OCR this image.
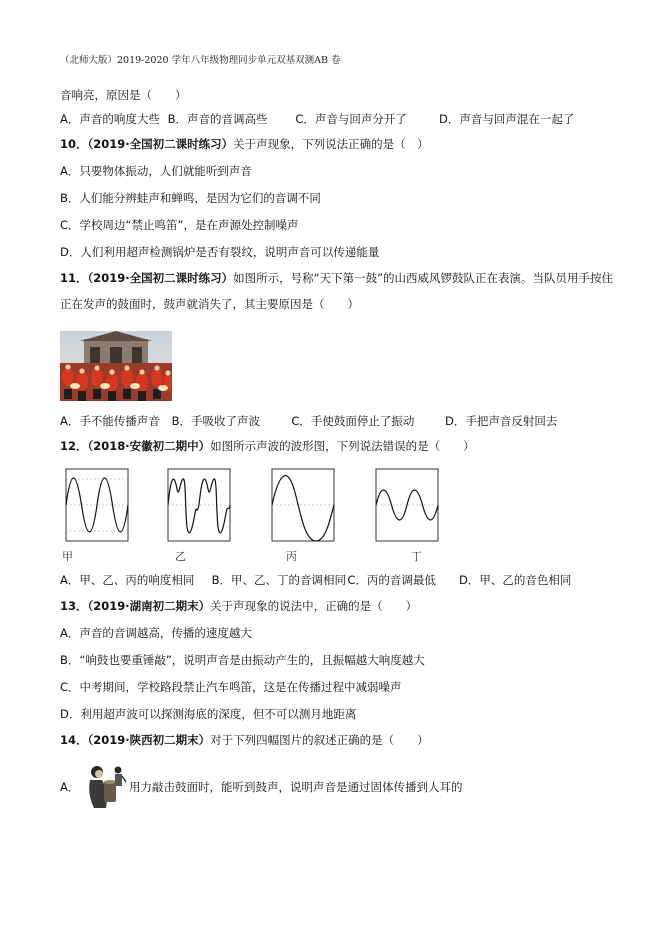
（北师大版）2019-2020 学年八年级物理同步单元双基双测AB 卷
音响亮，原因是（　　）
A．声音的响度大些 B．声音的音调高些 C．声音与回声分开了	D．声音与回声混在一起了
10．（2019·全国初二课时练习）关于声现象，下列说法正确的是（　）
A．只要物体振动，人们就能听到声音
B．人们能分辨蛙声和蝉鸣，是因为它们的音调不同
C．学校周边“禁止鸣笛”，是在声源处控制噪声
D．人们利用超声检测锅炉是否有裂纹，说明声音可以传递能量
11．（2019·全国初二课时练习）如图所示，号称“天下第一鼓”的山西威风锣鼓队正在表演。当队员用手按住
正在发声的鼓面时，鼓声就消失了，其主要原因是（　　）
A．手不能传播声音 B．手吸收了声波	C．手使鼓面停止了振动	D．手把声音反射回去
12．（2018·安徽初二期中）如图所示声波的波形图，下列说法错误的是（　　）
甲	乙	丙	丁
A．甲、乙、丙的响度相同 B．甲、乙、丁的音调相同 C．丙的音调最低 D．甲、乙的音色相同
13．（2019·湖南初二期末）关于声现象的说法中，正确的是（　　）
A．声音的音调越高，传播的速度越大
B．“响鼓也要重锤敲”，说明声音是由振动产生的，且振幅越大响度越大
C．中考期间，学校路段禁止汽车鸣笛，这是在传播过程中减弱噪声
D．利用超声波可以探测海底的深度，但不可以测月地距离
14．（2019·陕西初二期末）对于下列四幅图片的叙述正确的是（　　）
A．	用力敲击鼓面时，能听到鼓声，说明声音是通过固体传播到人耳的
